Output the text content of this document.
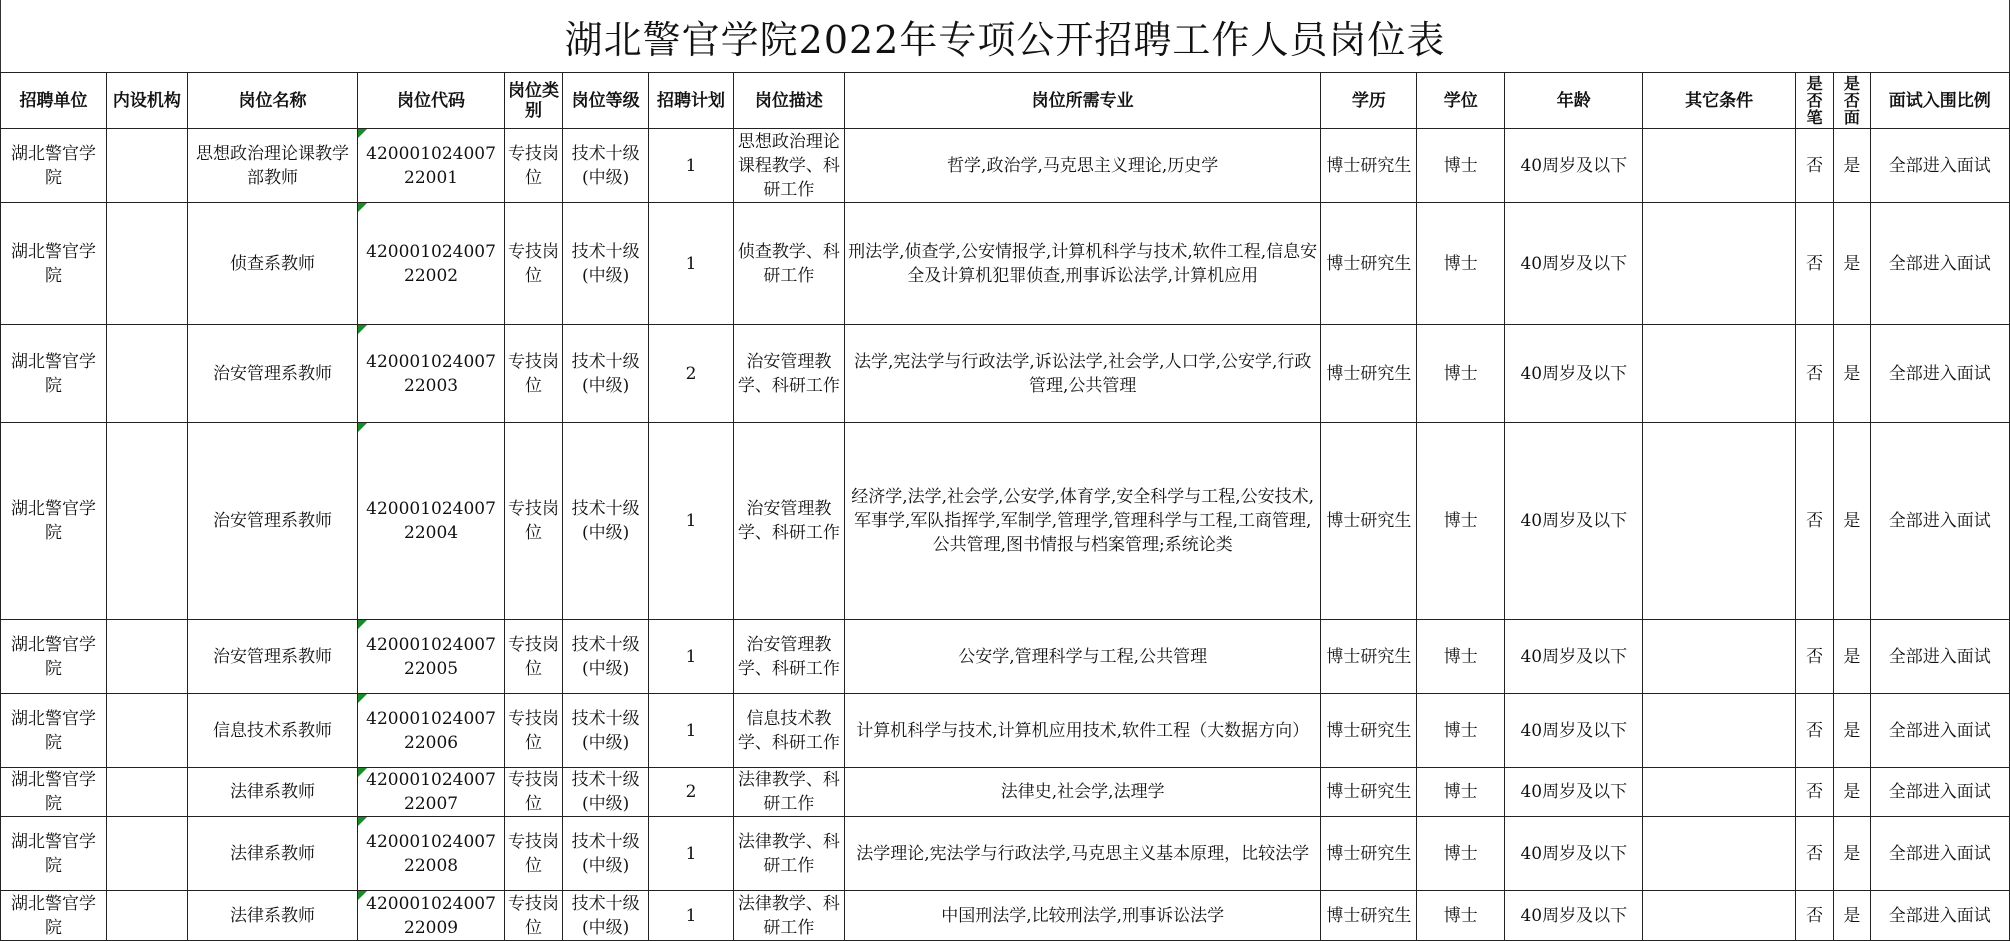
湖北警官学院2022年专项公开招聘工作人员岗位表
招聘单位	内设机构	岗位名称	岗位代码	岗位类别	岗位等级	招聘计划	岗位描述	岗位所需专业	学历	学位	年龄	其它条件	是否笔	是否面	面试入围比例
湖北警官学院		思想政治理论课教学部教师	42000102400722001	专技岗位	技术十级(中级)	1	思想政治理论课程教学、科研工作	哲学,政治学,马克思主义理论,历史学	博士研究生	博士	40周岁及以下		否	是	全部进入面试
湖北警官学院		侦查系教师	42000102400722002	专技岗位	技术十级(中级)	1	侦查教学、科研工作	刑法学,侦查学,公安情报学,计算机科学与技术,软件工程,信息安全及计算机犯罪侦查,刑事诉讼法学,计算机应用	博士研究生	博士	40周岁及以下		否	是	全部进入面试
湖北警官学院		治安管理系教师	42000102400722003	专技岗位	技术十级(中级)	2	治安管理教学、科研工作	法学,宪法学与行政法学,诉讼法学,社会学,人口学,公安学,行政管理,公共管理	博士研究生	博士	40周岁及以下		否	是	全部进入面试
湖北警官学院		治安管理系教师	42000102400722004	专技岗位	技术十级(中级)	1	治安管理教学、科研工作	经济学,法学,社会学,公安学,体育学,安全科学与工程,公安技术,军事学,军队指挥学,军制学,管理学,管理科学与工程,工商管理,公共管理,图书情报与档案管理;系统论类	博士研究生	博士	40周岁及以下		否	是	全部进入面试
湖北警官学院		治安管理系教师	42000102400722005	专技岗位	技术十级(中级)	1	治安管理教学、科研工作	公安学,管理科学与工程,公共管理	博士研究生	博士	40周岁及以下		否	是	全部进入面试
湖北警官学院		信息技术系教师	42000102400722006	专技岗位	技术十级(中级)	1	信息技术教学、科研工作	计算机科学与技术,计算机应用技术,软件工程（大数据方向）	博士研究生	博士	40周岁及以下		否	是	全部进入面试
湖北警官学院		法律系教师	42000102400722007	专技岗位	技术十级(中级)	2	法律教学、科研工作	法律史,社会学,法理学	博士研究生	博士	40周岁及以下		否	是	全部进入面试
湖北警官学院		法律系教师	42000102400722008	专技岗位	技术十级(中级)	1	法律教学、科研工作	法学理论,宪法学与行政法学,马克思主义基本原理，比较法学	博士研究生	博士	40周岁及以下		否	是	全部进入面试
湖北警官学院		法律系教师	42000102400722009	专技岗位	技术十级(中级)	1	法律教学、科研工作	中国刑法学,比较刑法学,刑事诉讼法学	博士研究生	博士	40周岁及以下		否	是	全部进入面试
